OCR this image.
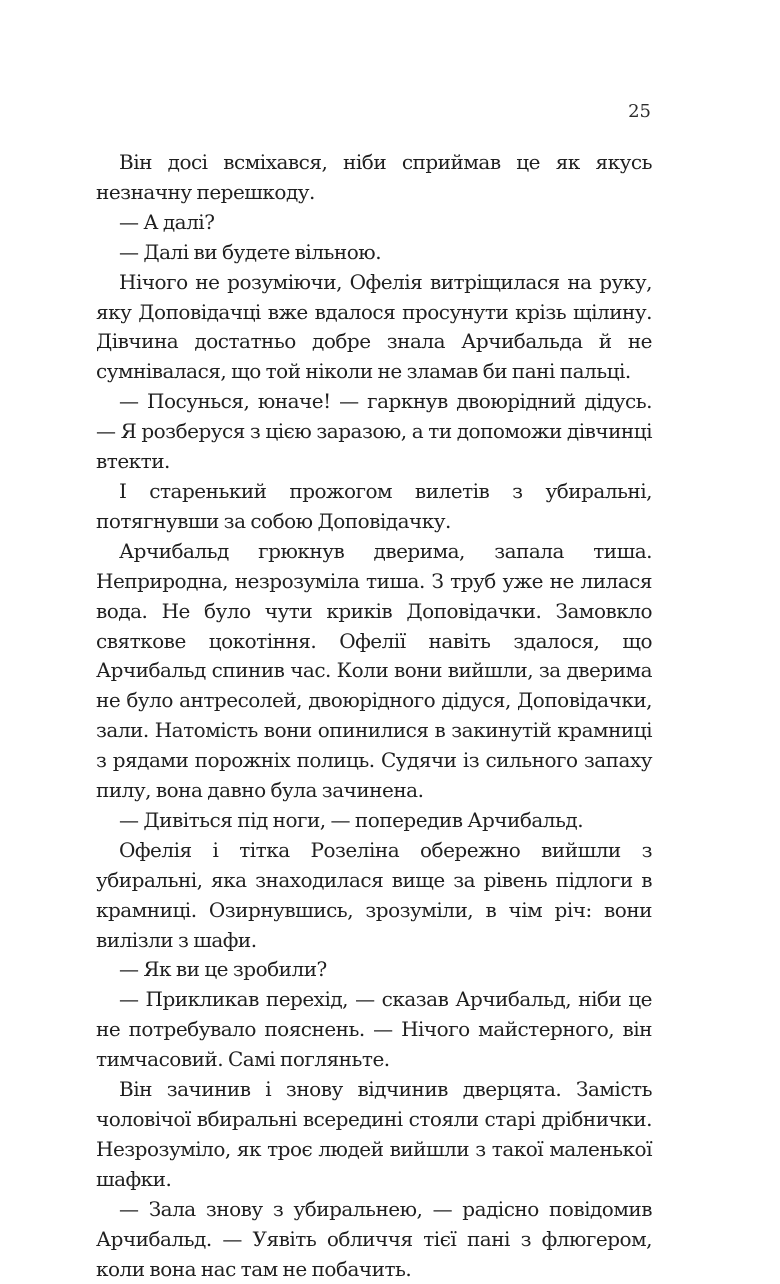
25

Він досі всміхався, ніби сприймав це як якусь незначну перешкоду.

— А далі?

— Далі ви будете вільною.

Нічого не розуміючи, Офелія витріщилася на руку, яку Доповідачці вже вдалося просунути крізь щілину. Дівчина достатньо добре знала Арчибальда й не сумнівалася, що той ніколи не зламав би пані пальці.

— Посунься, юначе! — гаркнув двоюрідний дідусь. — Я розберуся з цією заразою, а ти допоможи дівчинці втекти.

І старенький прожогом вилетів з убиральні, потягнувши за собою Доповідачку.

Арчибальд грюкнув дверима, запала тиша. Неприродна, незрозуміла тиша. З труб уже не лилася вода. Не було чути криків Доповідачки. Замовкло святкове цокотіння. Офелії навіть здалося, що Арчибальд спинив час. Коли вони вийшли, за дверима не було антресолей, двоюрідного дідуся, Доповідачки, зали. Натомість вони опинилися в закинутій крамниці з рядами порожніх полиць. Судячи із сильного запаху пилу, вона давно була зачинена.

— Дивіться під ноги, — попередив Арчибальд.

Офелія і тітка Розеліна обережно вийшли з убиральні, яка знаходилася вище за рівень підлоги в крамниці. Озирнувшись, зрозуміли, в чім річ: вони вилізли з шафи.

— Як ви це зробили?

— Прикликав перехід, — сказав Арчибальд, ніби це не потребувало пояснень. — Нічого майстерного, він тимчасовий. Самі погляньте.

Він зачинив і знову відчинив дверцята. Замість чоловічої вбиральні всередині стояли старі дрібнички. Незрозуміло, як троє людей вийшли з такої маленької шафки.

— Зала знову з убиральнею, — радісно повідомив Арчибальд. — Уявіть обличчя тієї пані з флюгером, коли вона нас там не побачить.
